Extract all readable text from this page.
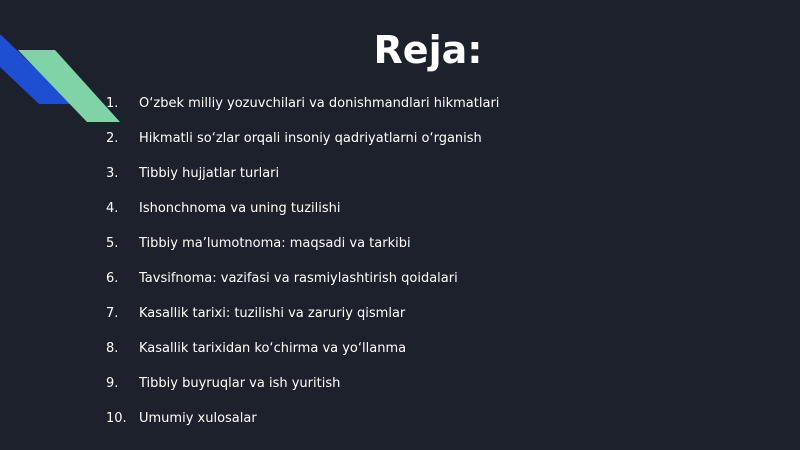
Reja:
1.	O‘zbek milliy yozuvchilari va donishmandlari hikmatlari
2.	Hikmatli so‘zlar orqali insoniy qadriyatlarni o‘rganish
3.	Tibbiy hujjatlar turlari
4.	Ishonchnoma va uning tuzilishi
5.	Tibbiy ma’lumotnoma: maqsadi va tarkibi
6.	Tavsifnoma: vazifasi va rasmiylashtirish qoidalari
7.	Kasallik tarixi: tuzilishi va zaruriy qismlar
8.	Kasallik tarixidan ko‘chirma va yo‘llanma
9.	Tibbiy buyruqlar va ish yuritish
10. Umumiy xulosalar
